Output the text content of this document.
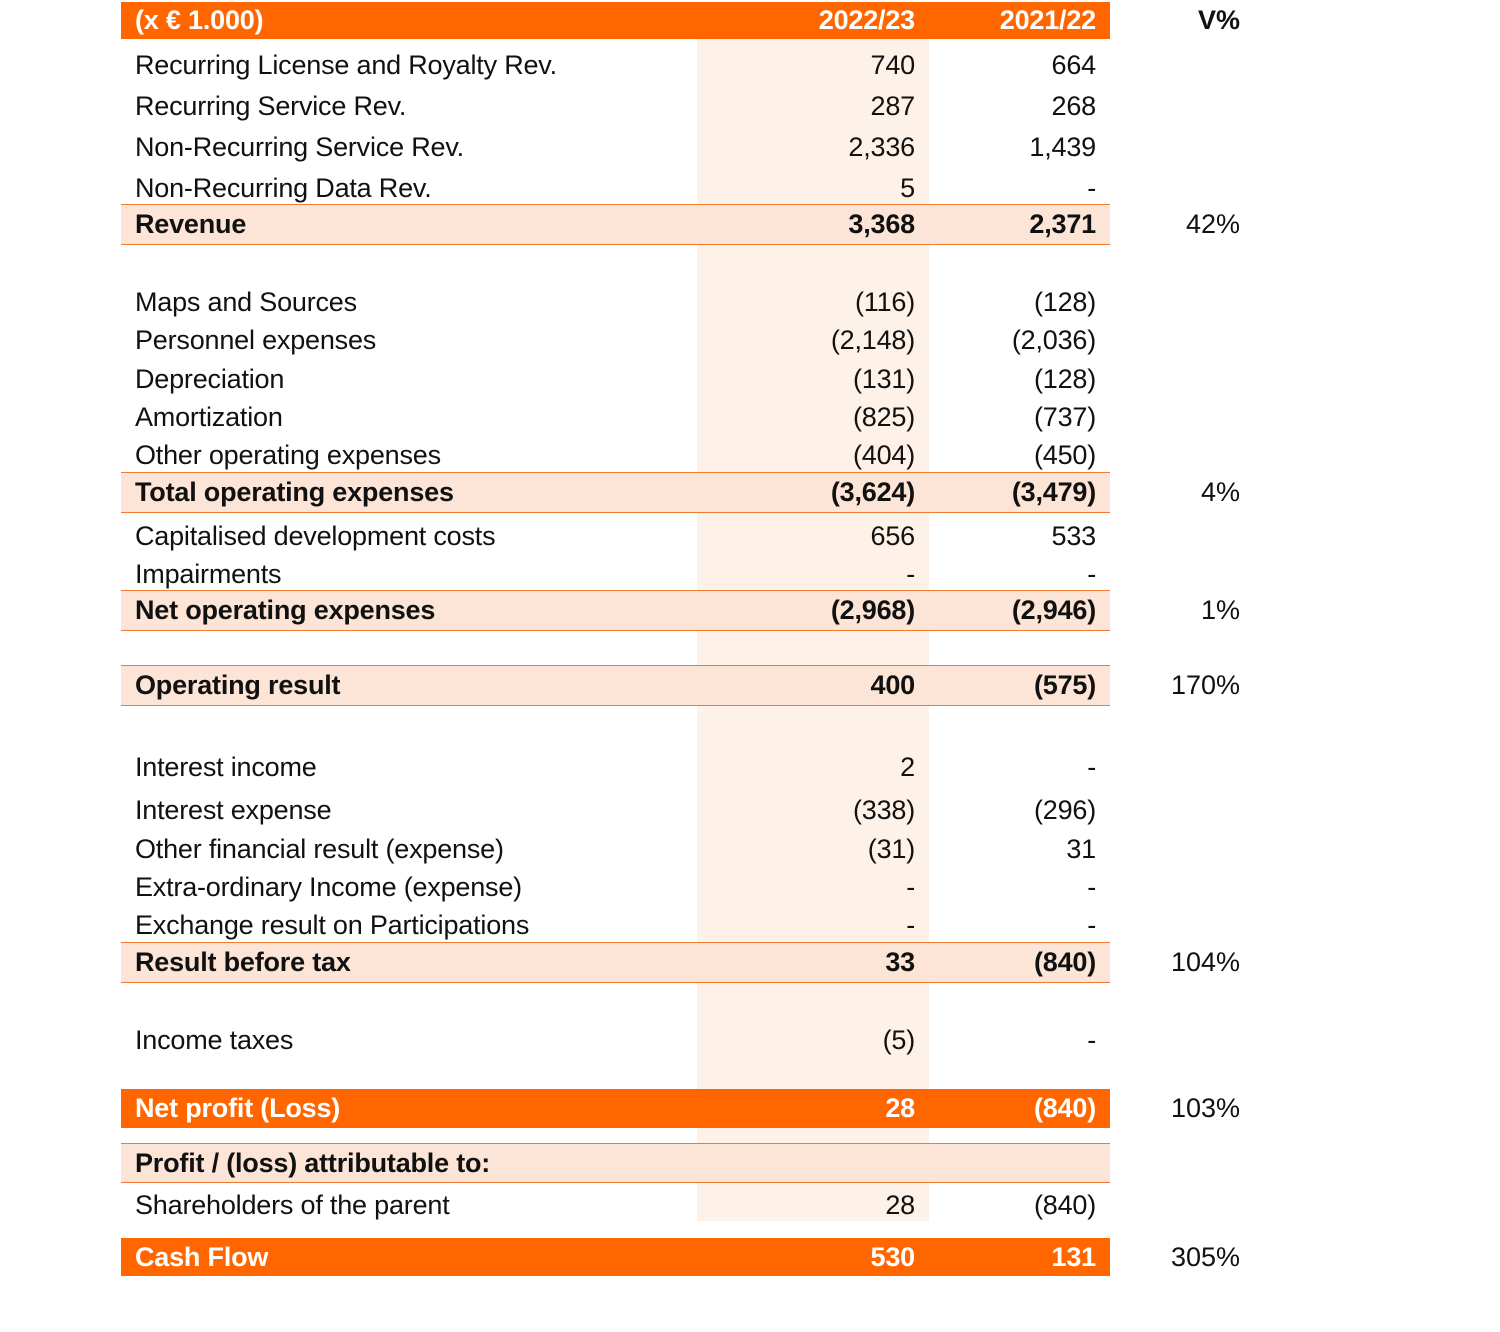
(x € 1.000)	2022/23	2021/22	V%
Recurring License and Royalty Rev.	740	664
Recurring Service Rev.	287	268
Non-Recurring Service Rev.	2,336	1,439
Non-Recurring Data Rev.	5	-
Revenue	3,368	2,371	42%
Maps and Sources	(116)	(128)
Personnel expenses	(2,148)	(2,036)
Depreciation	(131)	(128)
Amortization	(825)	(737)
Other operating expenses	(404)	(450)
Total operating expenses	(3,624)	(3,479)	4%
Capitalised development costs	656	533
Impairments	-	-
Net operating expenses	(2,968)	(2,946)	1%
Operating result	400	(575)	170%
Interest income	2	-
Interest expense	(338)	(296)
Other financial result (expense)	(31)	31
Extra-ordinary Income (expense)	-	-
Exchange result on Participations	-	-
Result before tax	33	(840)	104%
Income taxes	(5)	-
Net profit (Loss)	28	(840)	103%
Profit / (loss) attributable to:
Shareholders of the parent	28	(840)
Cash Flow	530	131	305%
